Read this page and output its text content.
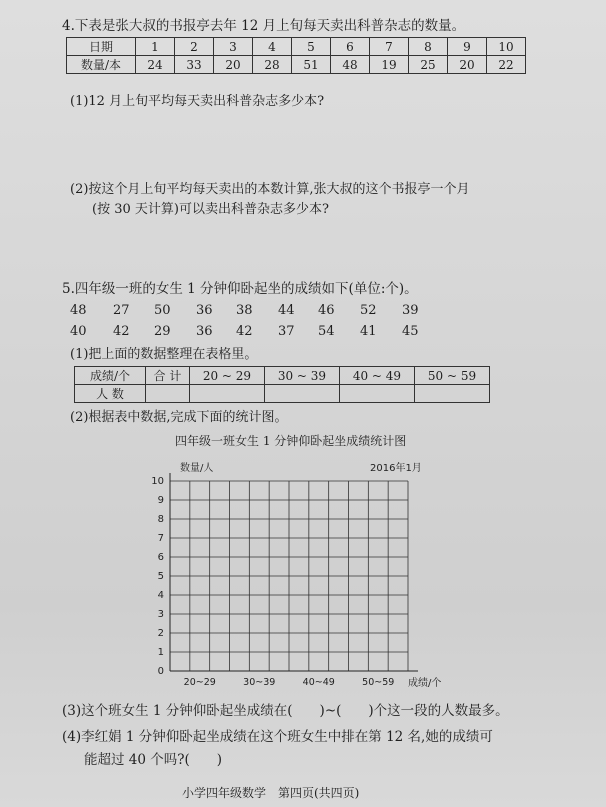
4.下表是张大叔的书报亭去年 12 月上旬每天卖出科普杂志的数量。
日期	1	2	3	4	5	6	7	8	9	10
数量/本	24	33	20	28	51	48	19	25	20	22
(1)12 月上旬平均每天卖出科普杂志多少本?
(2)按这个月上旬平均每天卖出的本数计算,张大叔的这个书报亭一个月
(按 30 天计算)可以卖出科普杂志多少本?
5.四年级一班的女生 1 分钟仰卧起坐的成绩如下(单位:个)。
48 27 50 36 38 44 46 52 39
40 42 29 36 42 37 54 41 45
(1)把上面的数据整理在表格里。
成绩/个	合 计	20 ~ 29	30 ~ 39	40 ~ 49	50 ~ 59
人 数					
(2)根据表中数据,完成下面的统计图。
四年级一班女生 1 分钟仰卧起坐成绩统计图
0
1
2
3
4
5
6
7
8
9
10
20~29	30~39	40~49	50~59
数量/人	2016年1月
成绩/个
(3)这个班女生 1 分钟仰卧起坐成绩在(　　)~(　　)个这一段的人数最多。
(4)李红娟 1 分钟仰卧起坐成绩在这个班女生中排在第 12 名,她的成绩可
能超过 40 个吗?(　　)
小学四年级数学　第四页(共四页)
